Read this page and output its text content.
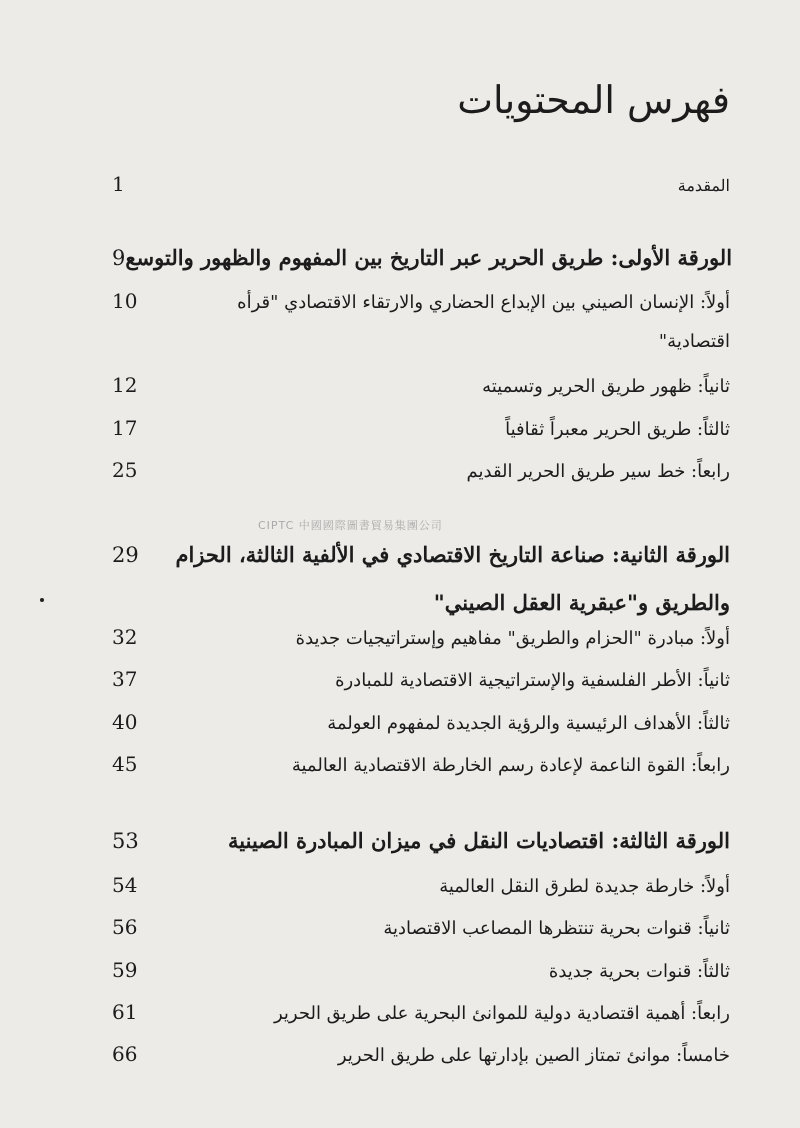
فهرس المحتويات
1	المقدمة
9 الورقة الأولى: طريق الحرير عبر التاريخ بين المفهوم والظهور والتوسع
10	أولاً: الإنسان الصيني بين الإبداع الحضاري والارتقاء الاقتصادي "قرأه
اقتصادية"
12	ثانياً: ظهور طريق الحرير وتسميته
17	ثالثاً: طريق الحرير معبراً ثقافياً
25	رابعاً: خط سير طريق الحرير القديم
CIPTC 中國國際圖書貿易集團公司
29	الورقة الثانية: صناعة التاريخ الاقتصادي في الألفية الثالثة، الحزام
والطريق و"عبقرية العقل الصيني"
32	أولاً: مبادرة "الحزام والطريق" مفاهيم وإستراتيجيات جديدة
37	ثانياً: الأطر الفلسفية والإستراتيجية الاقتصادية للمبادرة
40	ثالثاً: الأهداف الرئيسية والرؤية الجديدة لمفهوم العولمة
45	رابعاً: القوة الناعمة لإعادة رسم الخارطة الاقتصادية العالمية
53	الورقة الثالثة: اقتصاديات النقل في ميزان المبادرة الصينية
54	أولاً: خارطة جديدة لطرق النقل العالمية
56	ثانياً: قنوات بحرية تنتظرها المصاعب الاقتصادية
59	ثالثاً: قنوات بحرية جديدة
61	رابعاً: أهمية اقتصادية دولية للموانئ البحرية على طريق الحرير
66	خامساً: موانئ تمتاز الصين بإدارتها على طريق الحرير
